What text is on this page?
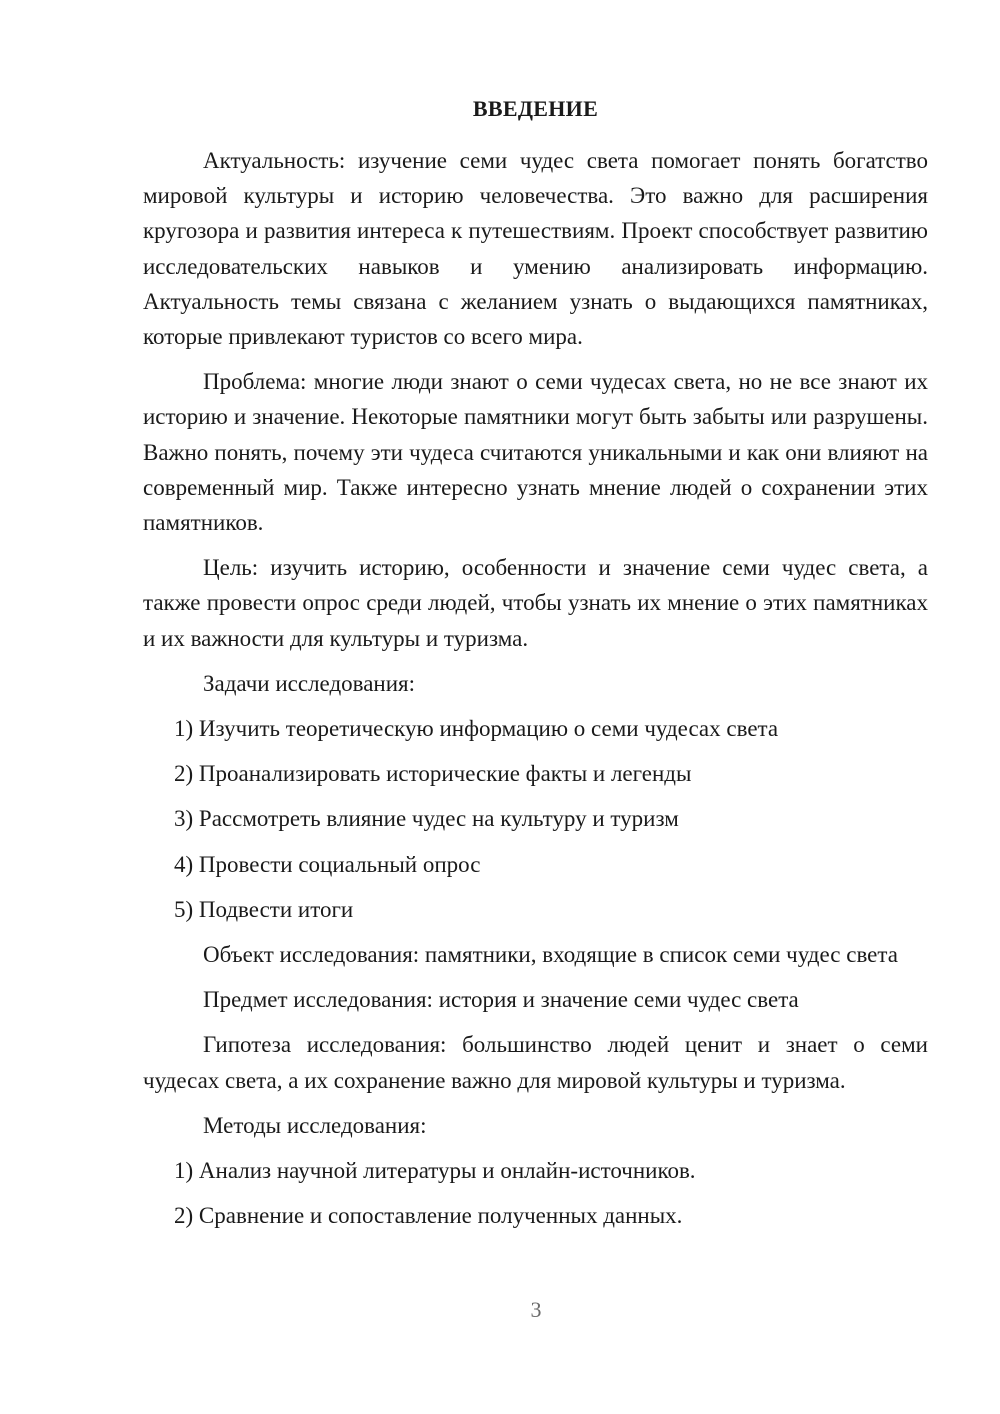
ВВЕДЕНИЕ

Актуальность: изучение семи чудес света помогает понять богатство мировой культуры и историю человечества. Это важно для расширения кругозора и развития интереса к путешествиям. Проект способствует развитию исследовательских навыков и умению анализировать информацию. Актуальность темы связана с желанием узнать о выдающихся памятниках, которые привлекают туристов со всего мира.

Проблема: многие люди знают о семи чудесах света, но не все знают их историю и значение. Некоторые памятники могут быть забыты или разрушены. Важно понять, почему эти чудеса считаются уникальными и как они влияют на современный мир. Также интересно узнать мнение людей о сохранении этих памятников.

Цель: изучить историю, особенности и значение семи чудес света, а также провести опрос среди людей, чтобы узнать их мнение о этих памятниках и их важности для культуры и туризма.

Задачи исследования:

1) Изучить теоретическую информацию о семи чудесах света

2) Проанализировать исторические факты и легенды

3) Рассмотреть влияние чудес на культуру и туризм

4) Провести социальный опрос

5) Подвести итоги

Объект исследования: памятники, входящие в список семи чудес света

Предмет исследования: история и значение семи чудес света

Гипотеза исследования: большинство людей ценит и знает о семи чудесах света, а их сохранение важно для мировой культуры и туризма.

Методы исследования:

1) Анализ научной литературы и онлайн-источников.

2) Сравнение и сопоставление полученных данных.

3
